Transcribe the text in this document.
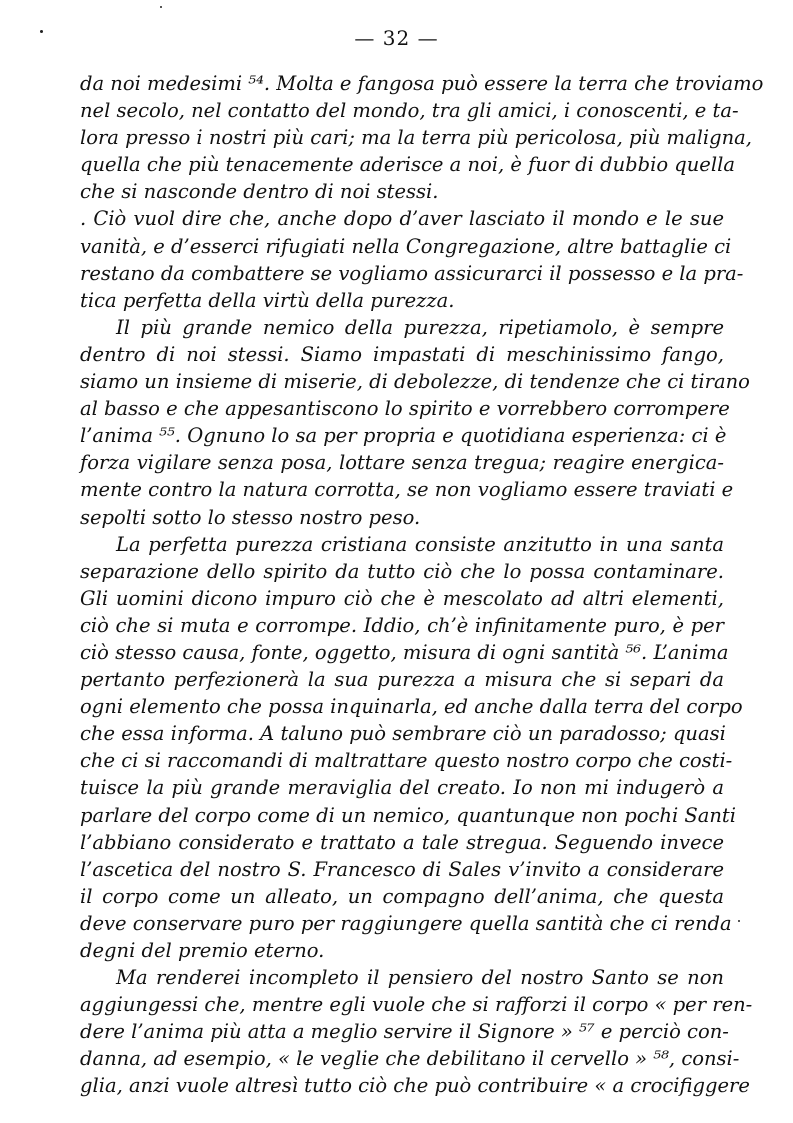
— 32 —
da noi medesimi ⁵⁴. Molta e fangosa può essere la terra che troviamo
nel secolo, nel contatto del mondo, tra gli amici, i conoscenti, e ta-
lora presso i nostri più cari; ma la terra più pericolosa, più maligna,
quella che più tenacemente aderisce a noi, è fuor di dubbio quella
che si nasconde dentro di noi stessi.
. Ciò vuol dire che, anche dopo d’aver lasciato il mondo e le sue
vanità, e d’esserci rifugiati nella Congregazione, altre battaglie ci
restano da combattere se vogliamo assicurarci il possesso e la pra-
tica perfetta della virtù della purezza.
Il più grande nemico della purezza, ripetiamolo, è sempre
dentro di noi stessi. Siamo impastati di meschinissimo fango,
siamo un insieme di miserie, di debolezze, di tendenze che ci tirano
al basso e che appesantiscono lo spirito e vorrebbero corrompere
l’anima ⁵⁵. Ognuno lo sa per propria e quotidiana esperienza: ci è
forza vigilare senza posa, lottare senza tregua; reagire energica-
mente contro la natura corrotta, se non vogliamo essere traviati e
sepolti sotto lo stesso nostro peso.
La perfetta purezza cristiana consiste anzitutto in una santa
separazione dello spirito da tutto ciò che lo possa contaminare.
Gli uomini dicono impuro ciò che è mescolato ad altri elementi,
ciò che si muta e corrompe. Iddio, ch’è infinitamente puro, è per
ciò stesso causa, fonte, oggetto, misura di ogni santità ⁵⁶. L’anima
pertanto perfezionerà la sua purezza a misura che si separi da
ogni elemento che possa inquinarla, ed anche dalla terra del corpo
che essa informa. A taluno può sembrare ciò un paradosso; quasi
che ci si raccomandi di maltrattare questo nostro corpo che costi-
tuisce la più grande meraviglia del creato. Io non mi indugerò a
parlare del corpo come di un nemico, quantunque non pochi Santi
l’abbiano considerato e trattato a tale stregua. Seguendo invece
l’ascetica del nostro S. Francesco di Sales v’invito a considerare
il corpo come un alleato, un compagno dell’anima, che questa
deve conservare puro per raggiungere quella santità che ci renda
degni del premio eterno.
Ma renderei incompleto il pensiero del nostro Santo se non
aggiungessi che, mentre egli vuole che si rafforzi il corpo « per ren-
dere l’anima più atta a meglio servire il Signore » ⁵⁷ e perciò con-
danna, ad esempio, « le veglie che debilitano il cervello » ⁵⁸, consi-
glia, anzi vuole altresì tutto ciò che può contribuire « a crocifiggere
